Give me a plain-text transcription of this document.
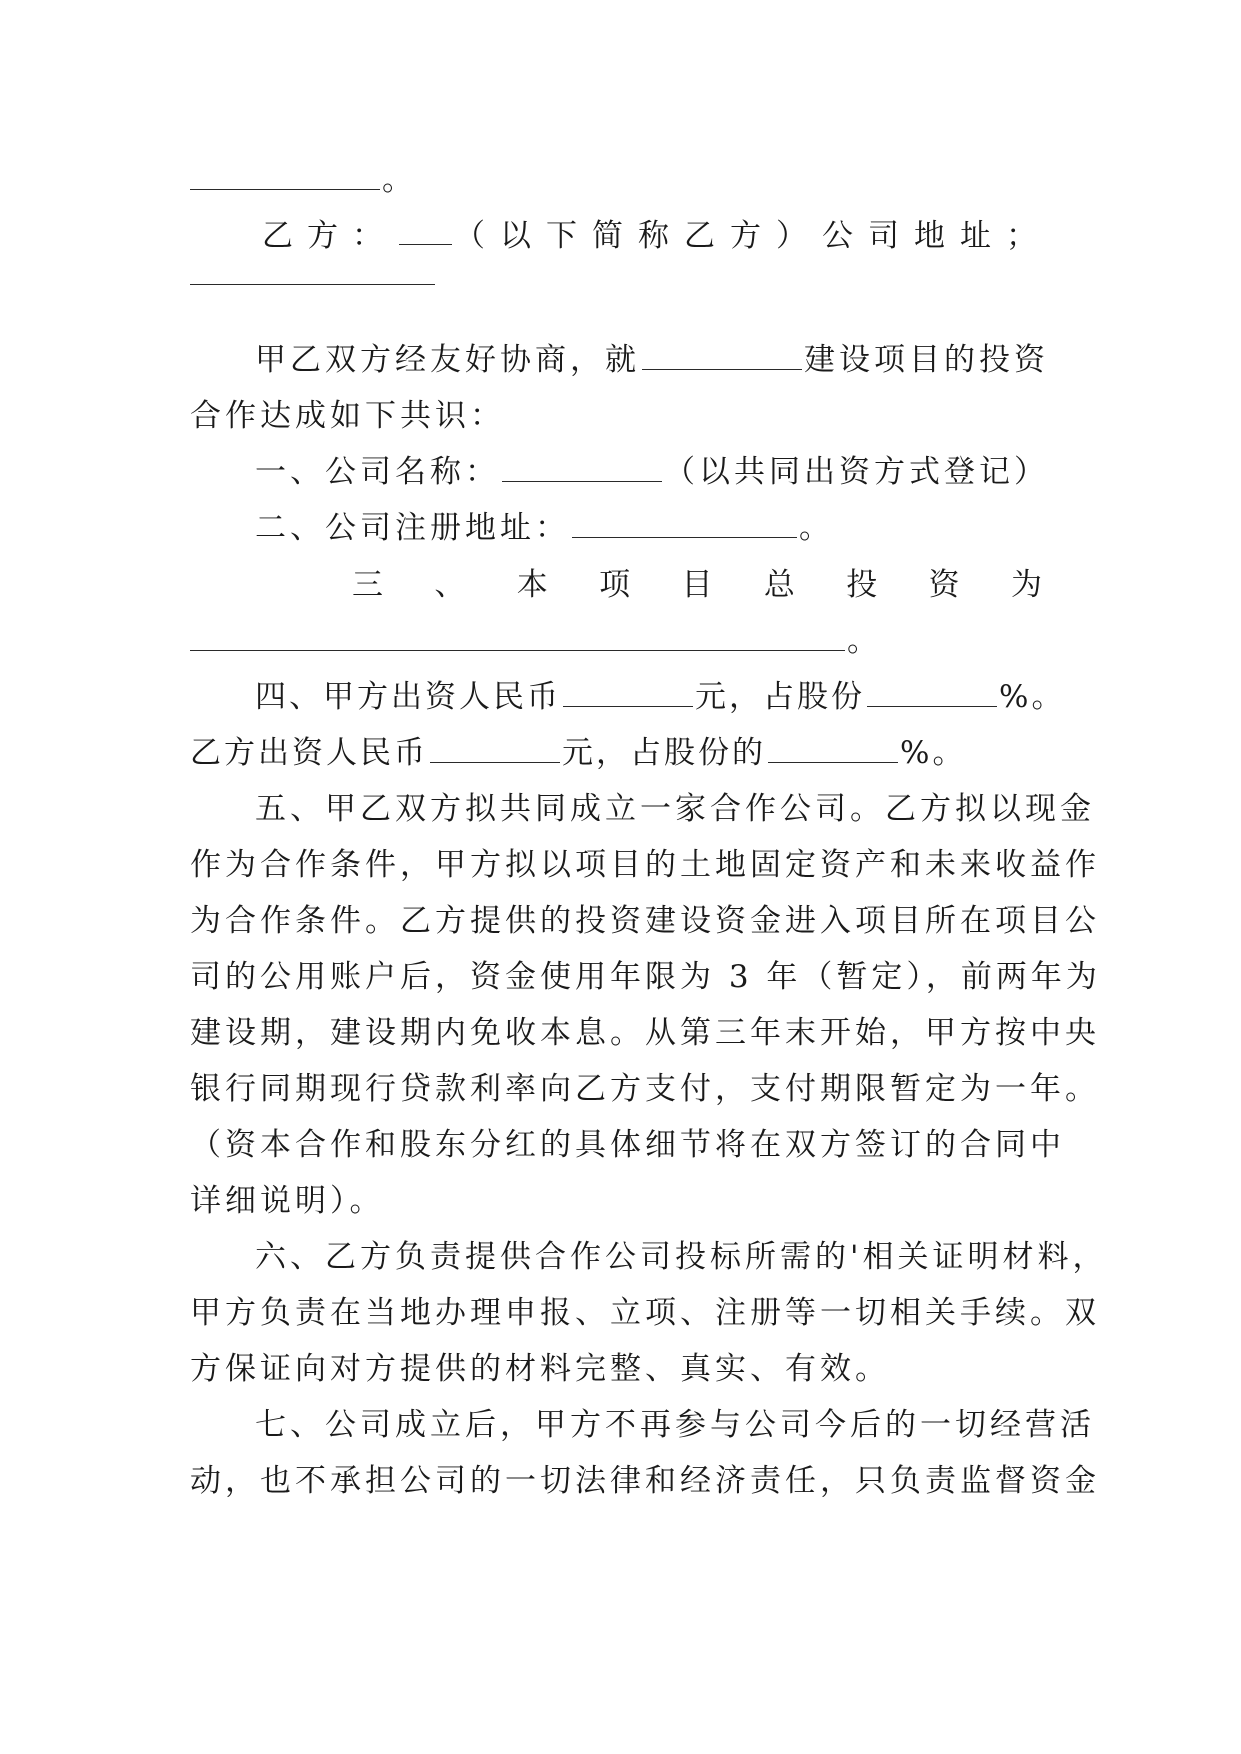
。
乙方： （以下简称乙方）公司地址；
甲乙双方经友好协商，就	建设项目的投资
合作达成如下共识：
一、公司名称：	（以共同出资方式登记）
二、公司注册地址：	。
三 、 本 项 目 总 投 资 为
。
四、甲方出资人民币	元，占股份	%。
乙方出资人民币	元，占股份的	%。
五、甲乙双方拟共同成立一家合作公司。乙方拟以现金
作为合作条件，甲方拟以项目的土地固定资产和未来收益作
为合作条件。乙方提供的投资建设资金进入项目所在项目公
司的公用账户后，资金使用年限为 3 年（暂定），前两年为
建设期，建设期内免收本息。从第三年末开始，甲方按中央
银行同期现行贷款利率向乙方支付，支付期限暂定为一年。
（资本合作和股东分红的具体细节将在双方签订的合同中
详细说明）。
六、乙方负责提供合作公司投标所需的'相关证明材料，
甲方负责在当地办理申报、立项、注册等一切相关手续。双
方保证向对方提供的材料完整、真实、有效。
七、公司成立后，甲方不再参与公司今后的一切经营活
动，也不承担公司的一切法律和经济责任，只负责监督资金
